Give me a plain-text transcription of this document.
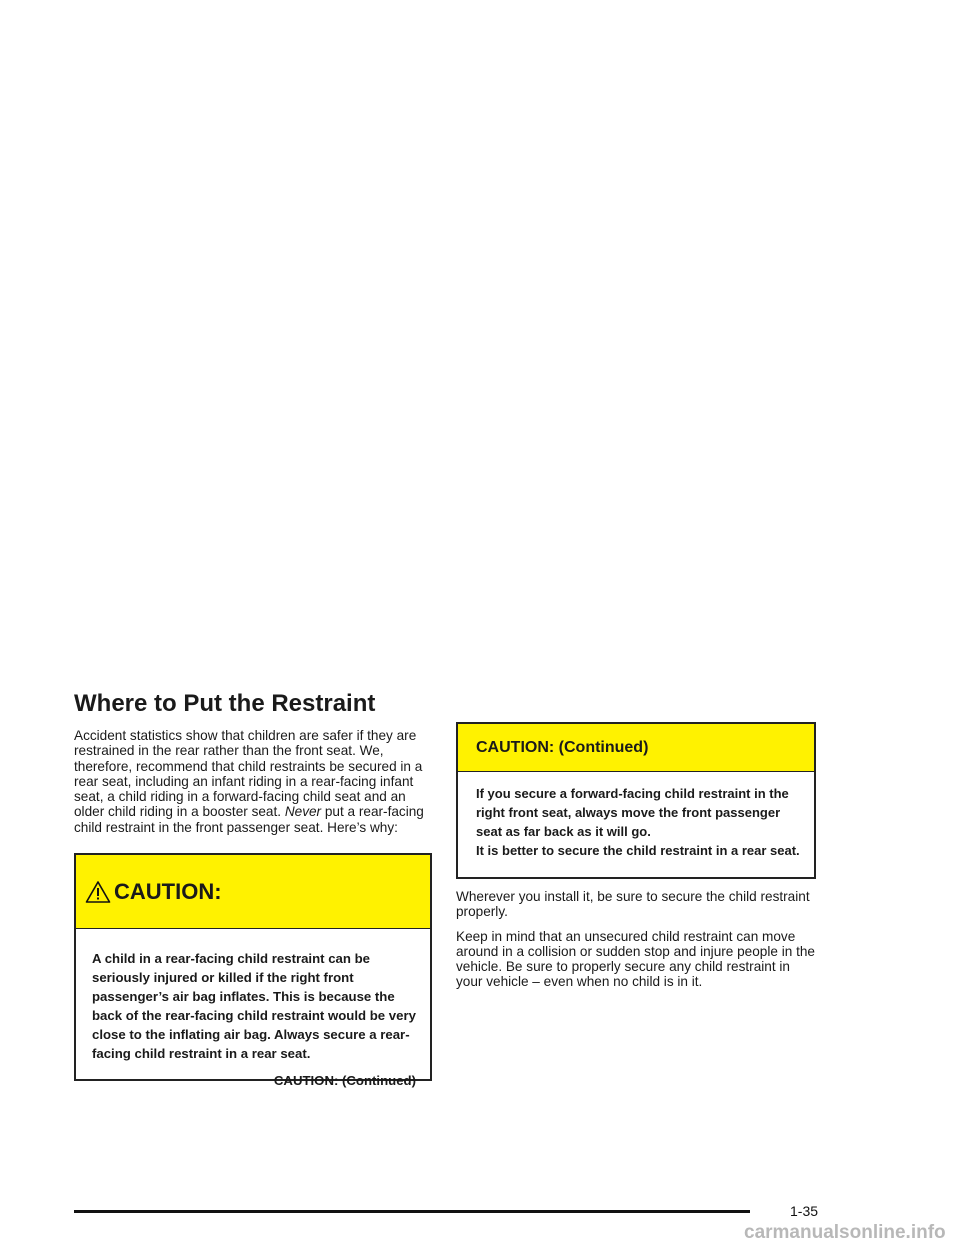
Where to Put the Restraint

Accident statistics show that children are safer if they are restrained in the rear rather than the front seat. We, therefore, recommend that child restraints be secured in a rear seat, including an infant riding in a rear-facing infant seat, a child riding in a forward-facing child seat and an older child riding in a booster seat. Never put a rear-facing child restraint in the front passenger seat. Here’s why:

CAUTION:

A child in a rear-facing child restraint can be seriously injured or killed if the right front passenger’s air bag inflates. This is because the back of the rear-facing child restraint would be very close to the inflating air bag. Always secure a rear-facing child restraint in a rear seat.

CAUTION: (Continued)

CAUTION: (Continued)

If you secure a forward-facing child restraint in the right front seat, always move the front passenger seat as far back as it will go.

It is better to secure the child restraint in a rear seat.

Wherever you install it, be sure to secure the child restraint properly.

Keep in mind that an unsecured child restraint can move around in a collision or sudden stop and injure people in the vehicle. Be sure to properly secure any child restraint in your vehicle – even when no child is in it.

1-35
carmanualsonline.info
